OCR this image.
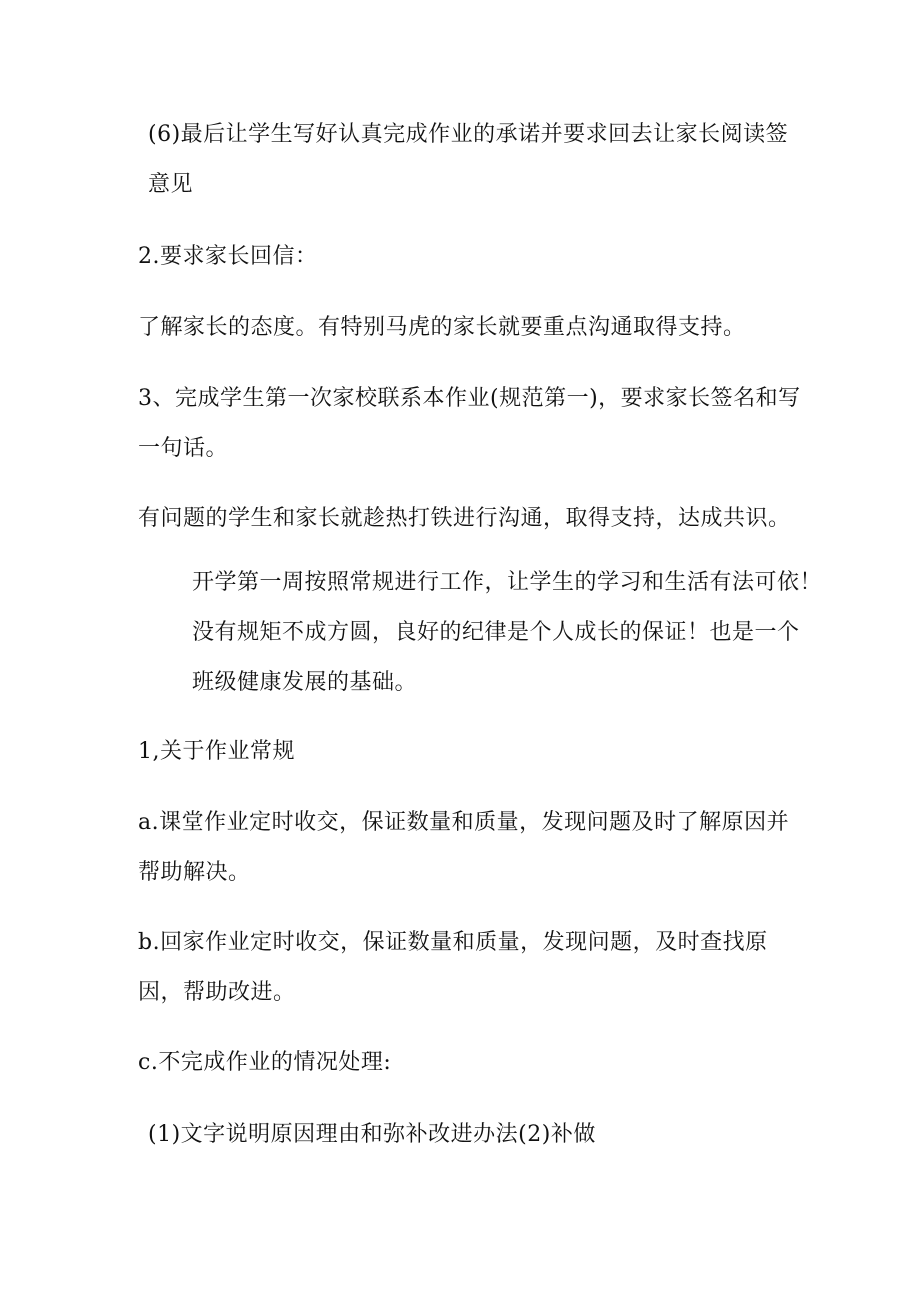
(6)最后让学生写好认真完成作业的承诺并要求回去让家长阅读签
意见

2.要求家长回信：

了解家长的态度。有特别马虎的家长就要重点沟通取得支持。

3、完成学生第一次家校联系本作业(规范第一)，要求家长签名和写
一句话。

有问题的学生和家长就趁热打铁进行沟通，取得支持，达成共识。

开学第一周按照常规进行工作，让学生的学习和生活有法可依！
没有规矩不成方圆，良好的纪律是个人成长的保证！也是一个
班级健康发展的基础。

1,关于作业常规

a.课堂作业定时收交，保证数量和质量，发现问题及时了解原因并
帮助解决。

b.回家作业定时收交，保证数量和质量，发现问题，及时查找原
因，帮助改进。

c.不完成作业的情况处理:

(1)文字说明原因理由和弥补改进办法(2)补做
